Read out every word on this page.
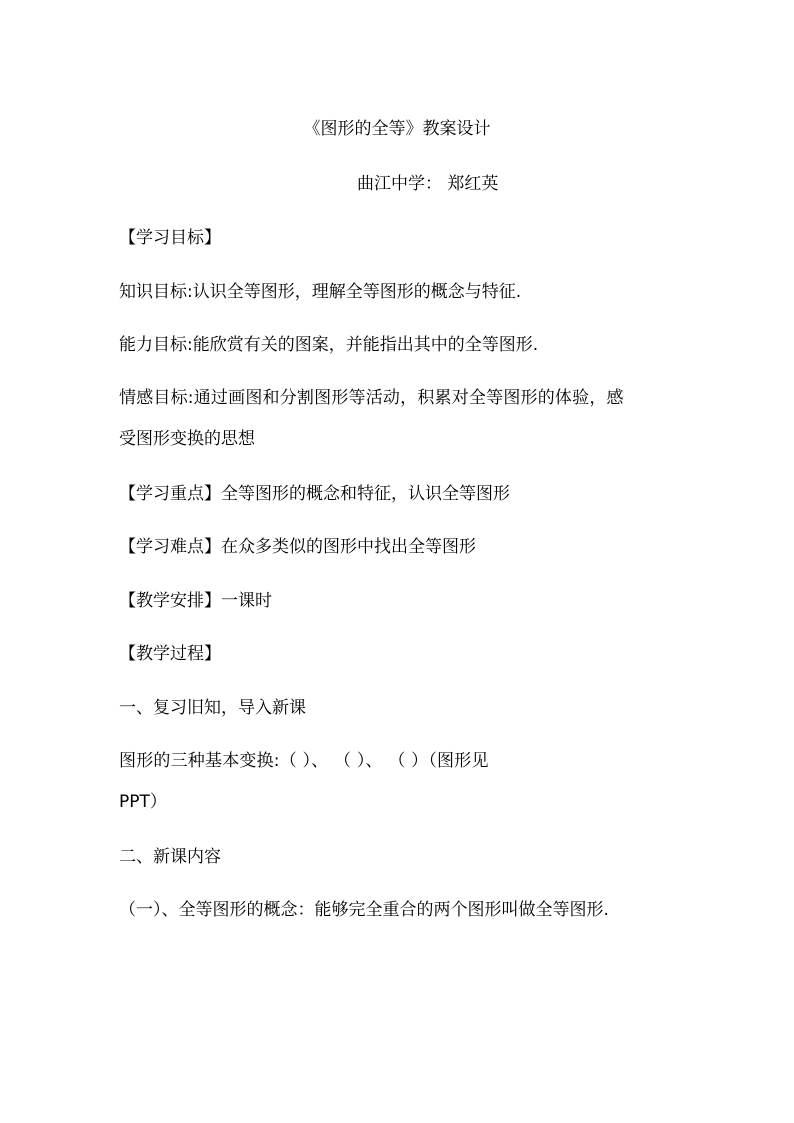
《图形的全等》教案设计
曲江中学： 郑红英
【学习目标】
知识目标:认识全等图形，理解全等图形的概念与特征.
能力目标:能欣赏有关的图案，并能指出其中的全等图形.
情感目标:通过画图和分割图形等活动，积累对全等图形的体验，感
受图形变换的思想
【学习重点】全等图形的概念和特征，认识全等图形
【学习难点】在众多类似的图形中找出全等图形
【教学安排】一课时
【教学过程】
一、复习旧知，导入新课
图形的三种基本变换:（ ）、 （ ）、 （ ）（图形见
PPT）
二、新课内容
（一）、全等图形的概念：能够完全重合的两个图形叫做全等图形.
